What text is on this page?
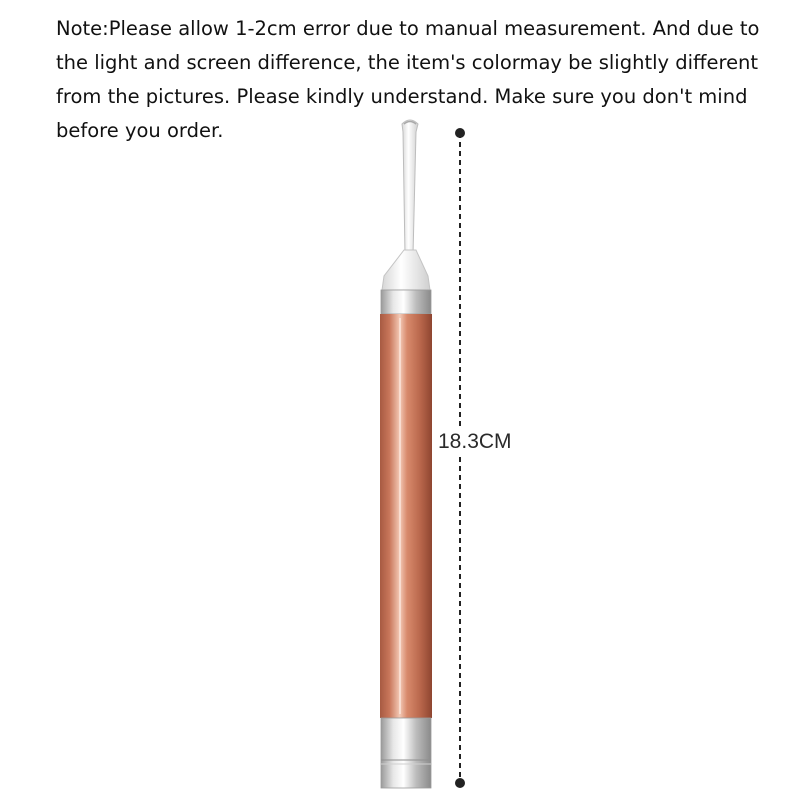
Note:Please allow 1-2cm error due to manual measurement. And due to the light and screen difference, the item's colormay be slightly different from the pictures. Please kindly understand. Make sure you don't mind before you order.
18.3CM
